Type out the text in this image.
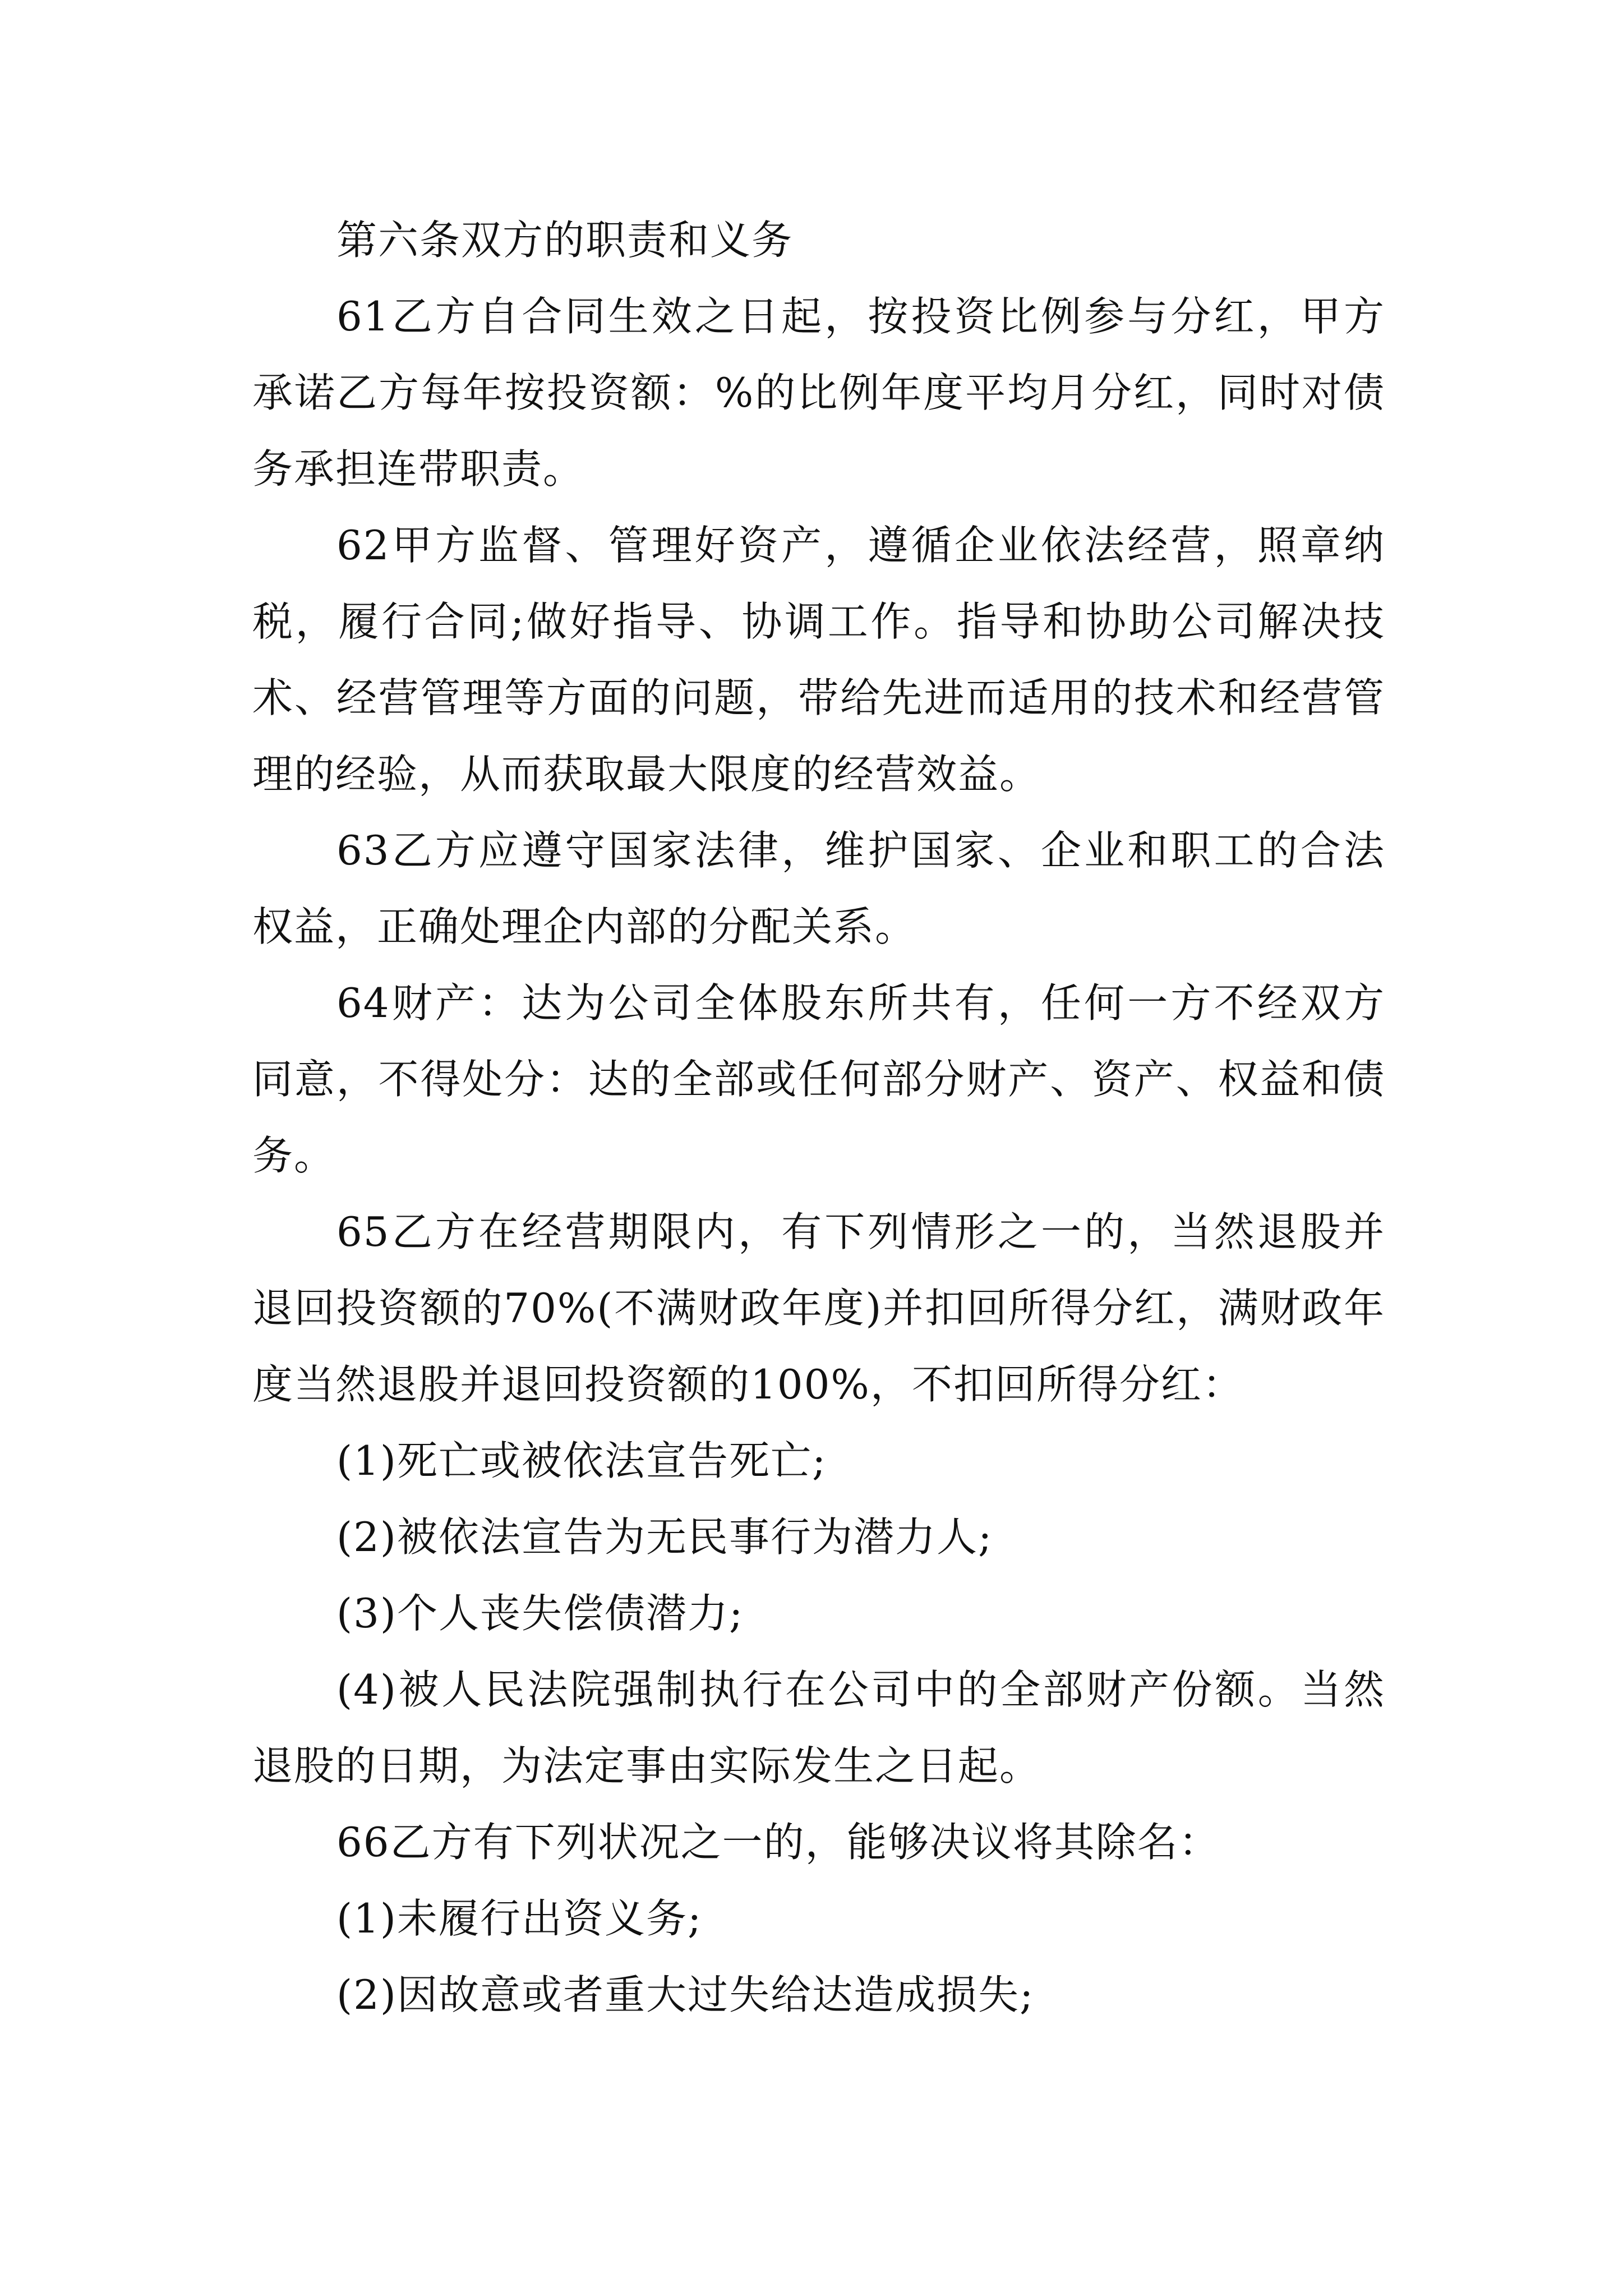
第六条双方的职责和义务

61乙方自合同生效之日起，按投资比例参与分红，甲方承诺乙方每年按投资额：%的比例年度平均月分红，同时对债务承担连带职责。

62甲方监督、管理好资产，遵循企业依法经营，照章纳税，履行合同;做好指导、协调工作。指导和协助公司解决技术、经营管理等方面的问题，带给先进而适用的技术和经营管理的经验，从而获取最大限度的经营效益。

63乙方应遵守国家法律，维护国家、企业和职工的合法权益，正确处理企内部的分配关系。

64财产：达为公司全体股东所共有，任何一方不经双方同意，不得处分：达的全部或任何部分财产、资产、权益和债务。

65乙方在经营期限内，有下列情形之一的，当然退股并退回投资额的70%(不满财政年度)并扣回所得分红，满财政年度当然退股并退回投资额的100%，不扣回所得分红：

(1)死亡或被依法宣告死亡;

(2)被依法宣告为无民事行为潜力人;

(3)个人丧失偿债潜力;

(4)被人民法院强制执行在公司中的全部财产份额。当然退股的日期，为法定事由实际发生之日起。

66乙方有下列状况之一的，能够决议将其除名：

(1)未履行出资义务;

(2)因故意或者重大过失给达造成损失;
